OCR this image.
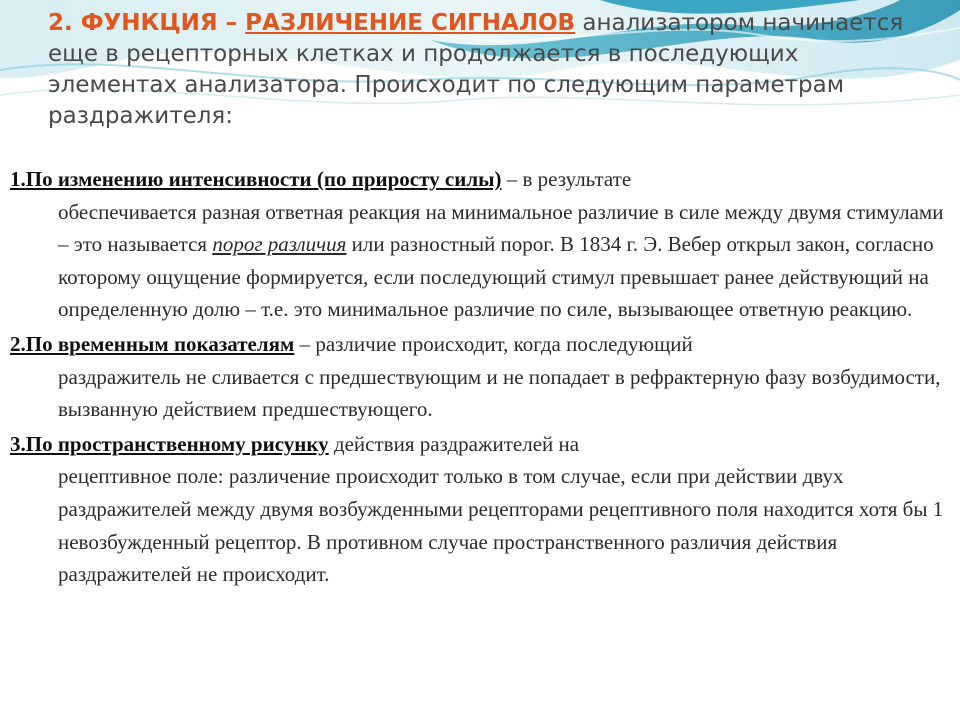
2. ФУНКЦИЯ – РАЗЛИЧЕНИЕ СИГНАЛОВ анализатором начинается еще в рецепторных клетках и продолжается в последующих элементах анализатора. Происходит по следующим параметрам раздражителя:
1.По изменению интенсивности (по приросту силы) – в результате
обеспечивается разная ответная реакция на минимальное различие в силе между двумя стимулами – это называется порог различия или разностный порог. В 1834 г. Э. Вебер открыл закон, согласно которому ощущение формируется, если последующий стимул превышает ранее действующий на определенную долю – т.е. это минимальное различие по силе, вызывающее ответную реакцию.
2.По временным показателям – различие происходит, когда последующий
раздражитель не сливается с предшествующим и не попадает в рефрактерную фазу возбудимости, вызванную действием предшествующего.
3.По пространственному рисунку действия раздражителей на
рецептивное поле: различение происходит только в том случае, если при действии двух раздражителей между двумя возбужденными рецепторами рецептивного поля находится хотя бы 1 невозбужденный рецептор. В противном случае пространственного различия действия раздражителей не происходит.
